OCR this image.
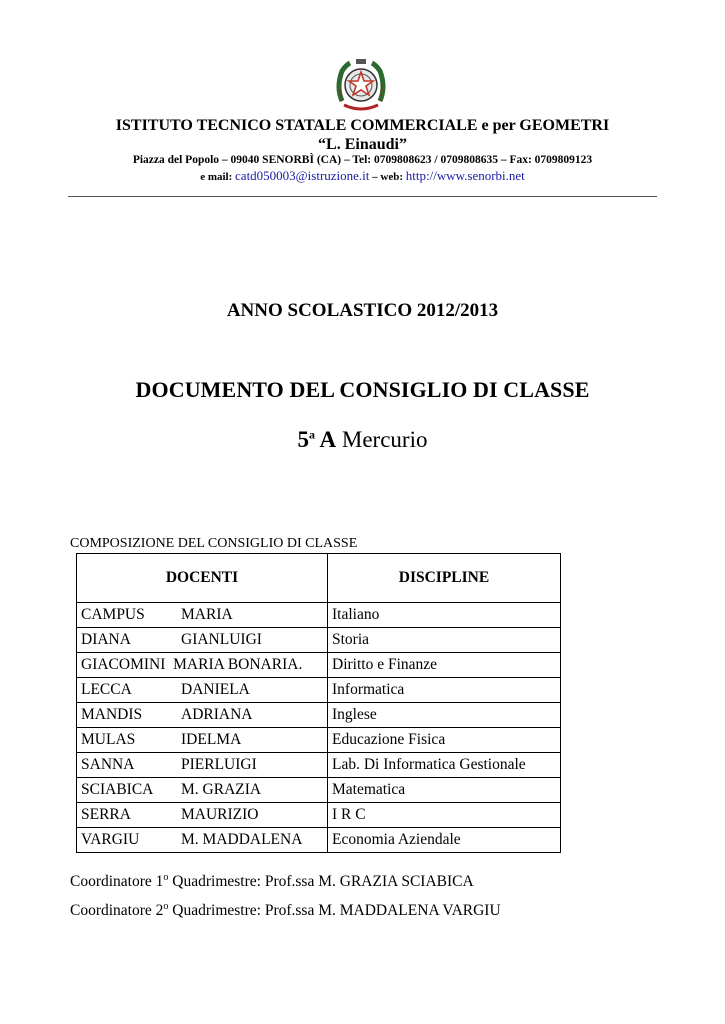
ISTITUTO TECNICO STATALE COMMERCIALE e per GEOMETRI
“L. Einaudi”
Piazza del Popolo – 09040 SENORBÌ (CA) – Tel: 0709808623 / 0709808635 – Fax: 0709809123
e mail: catd050003@istruzione.it – web: http://www.senorbi.net
ANNO SCOLASTICO 2012/2013
DOCUMENTO DEL CONSIGLIO DI CLASSE
5$^a$ A Mercurio
COMPOSIZIONE DEL CONSIGLIO DI CLASSE
DOCENTI	DISCIPLINE
CAMPUS MARIA	Italiano
DIANA GIANLUIGI	Storia
GIACOMINI MARIA BONARIA.	Diritto e Finanze
LECCA DANIELA	Informatica
MANDIS ADRIANA	Inglese
MULAS IDELMA	Educazione Fisica
SANNA PIERLUIGI	Lab. Di Informatica Gestionale
SCIABICA M. GRAZIA	Matematica
SERRA MAURIZIO	I R C
VARGIU M. MADDALENA	Economia Aziendale
Coordinatore 1$^o$ Quadrimestre: Prof.ssa M. GRAZIA SCIABICA
Coordinatore 2$^o$ Quadrimestre: Prof.ssa M. MADDALENA VARGIU
